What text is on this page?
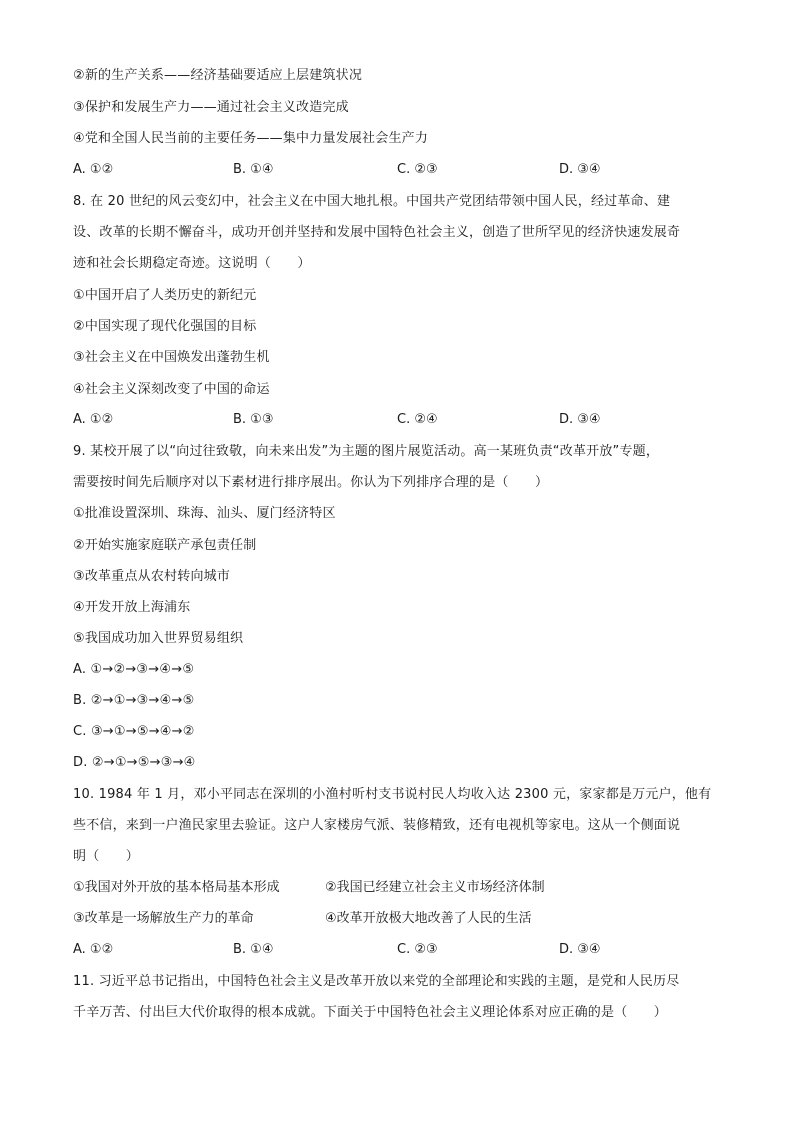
②新的生产关系——经济基础要适应上层建筑状况
③保护和发展生产力——通过社会主义改造完成
④党和全国人民当前的主要任务——集中力量发展社会生产力
A. ①②	B. ①④	C. ②③	D. ③④
8. 在 20 世纪的风云变幻中，社会主义在中国大地扎根。中国共产党团结带领中国人民，经过革命、建
设、改革的长期不懈奋斗，成功开创并坚持和发展中国特色社会主义，创造了世所罕见的经济快速发展奇
迹和社会长期稳定奇迹。这说明（　　）
①中国开启了人类历史的新纪元
②中国实现了现代化强国的目标
③社会主义在中国焕发出蓬勃生机
④社会主义深刻改变了中国的命运
A. ①②	B. ①③	C. ②④	D. ③④
9. 某校开展了以“向过往致敬，向未来出发”为主题的图片展览活动。高一某班负责“改革开放”专题，
需要按时间先后顺序对以下素材进行排序展出。你认为下列排序合理的是（　　）
①批准设置深圳、珠海、汕头、厦门经济特区
②开始实施家庭联产承包责任制
③改革重点从农村转向城市
④开发开放上海浦东
⑤我国成功加入世界贸易组织
A. ①→②→③→④→⑤
B. ②→①→③→④→⑤
C. ③→①→⑤→④→②
D. ②→①→⑤→③→④
10. 1984 年 1 月，邓小平同志在深圳的小渔村听村支书说村民人均收入达 2300 元，家家都是万元户，他有
些不信，来到一户渔民家里去验证。这户人家楼房气派、装修精致，还有电视机等家电。这从一个侧面说
明（　　）
①我国对外开放的基本格局基本形成	②我国已经建立社会主义市场经济体制
③改革是一场解放生产力的革命	④改革开放极大地改善了人民的生活
A. ①②	B. ①④	C. ②③	D. ③④
11. 习近平总书记指出，中国特色社会主义是改革开放以来党的全部理论和实践的主题，是党和人民历尽
千辛万苦、付出巨大代价取得的根本成就。下面关于中国特色社会主义理论体系对应正确的是（　　）
